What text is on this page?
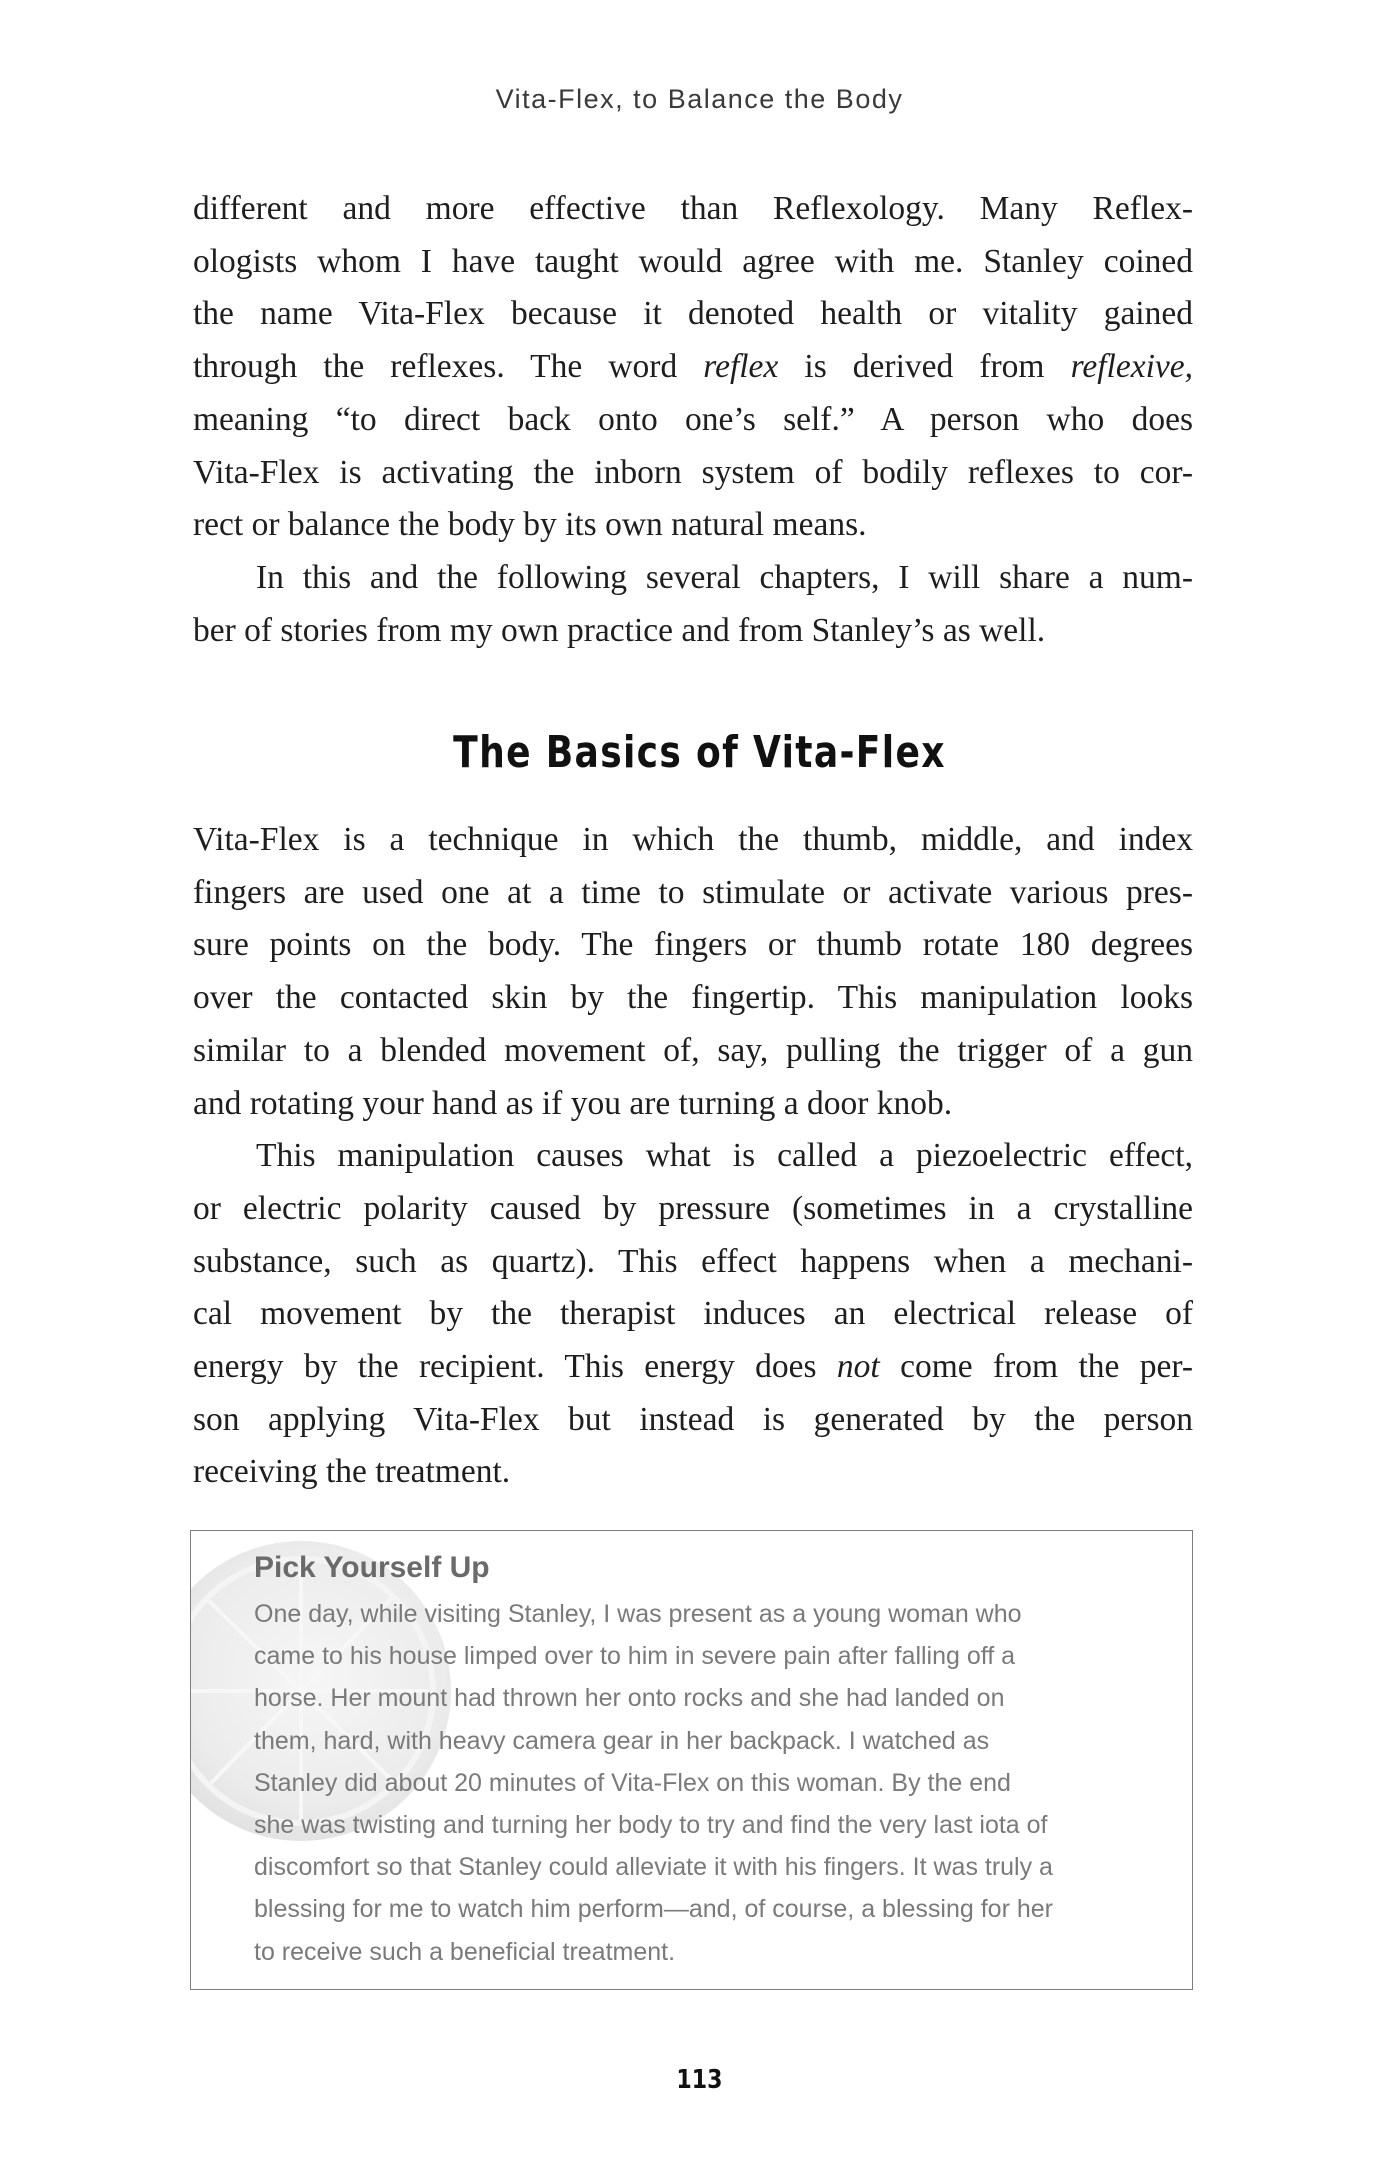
Vita-Flex, to Balance the Body

different and more effective than Reflexology. Many Reflex-
ologists whom I have taught would agree with me. Stanley coined
the name Vita-Flex because it denoted health or vitality gained
through the reflexes. The word reflex is derived from reflexive,
meaning “to direct back onto one’s self.” A person who does
Vita-Flex is activating the inborn system of bodily reflexes to cor-
rect or balance the body by its own natural means.

In this and the following several chapters, I will share a num-
ber of stories from my own practice and from Stanley’s as well.

The Basics of Vita-Flex

Vita-Flex is a technique in which the thumb, middle, and index
fingers are used one at a time to stimulate or activate various pres-
sure points on the body. The fingers or thumb rotate 180 degrees
over the contacted skin by the fingertip. This manipulation looks
similar to a blended movement of, say, pulling the trigger of a gun
and rotating your hand as if you are turning a door knob.

This manipulation causes what is called a piezoelectric effect,
or electric polarity caused by pressure (sometimes in a crystalline
substance, such as quartz). This effect happens when a mechani-
cal movement by the therapist induces an electrical release of
energy by the recipient. This energy does not come from the per-
son applying Vita-Flex but instead is generated by the person
receiving the treatment.

Pick Yourself Up

One day, while visiting Stanley, I was present as a young woman who
came to his house limped over to him in severe pain after falling off a
horse. Her mount had thrown her onto rocks and she had landed on
them, hard, with heavy camera gear in her backpack. I watched as
Stanley did about 20 minutes of Vita-Flex on this woman. By the end
she was twisting and turning her body to try and find the very last iota of
discomfort so that Stanley could alleviate it with his fingers. It was truly a
blessing for me to watch him perform—and, of course, a blessing for her
to receive such a beneficial treatment.

113
